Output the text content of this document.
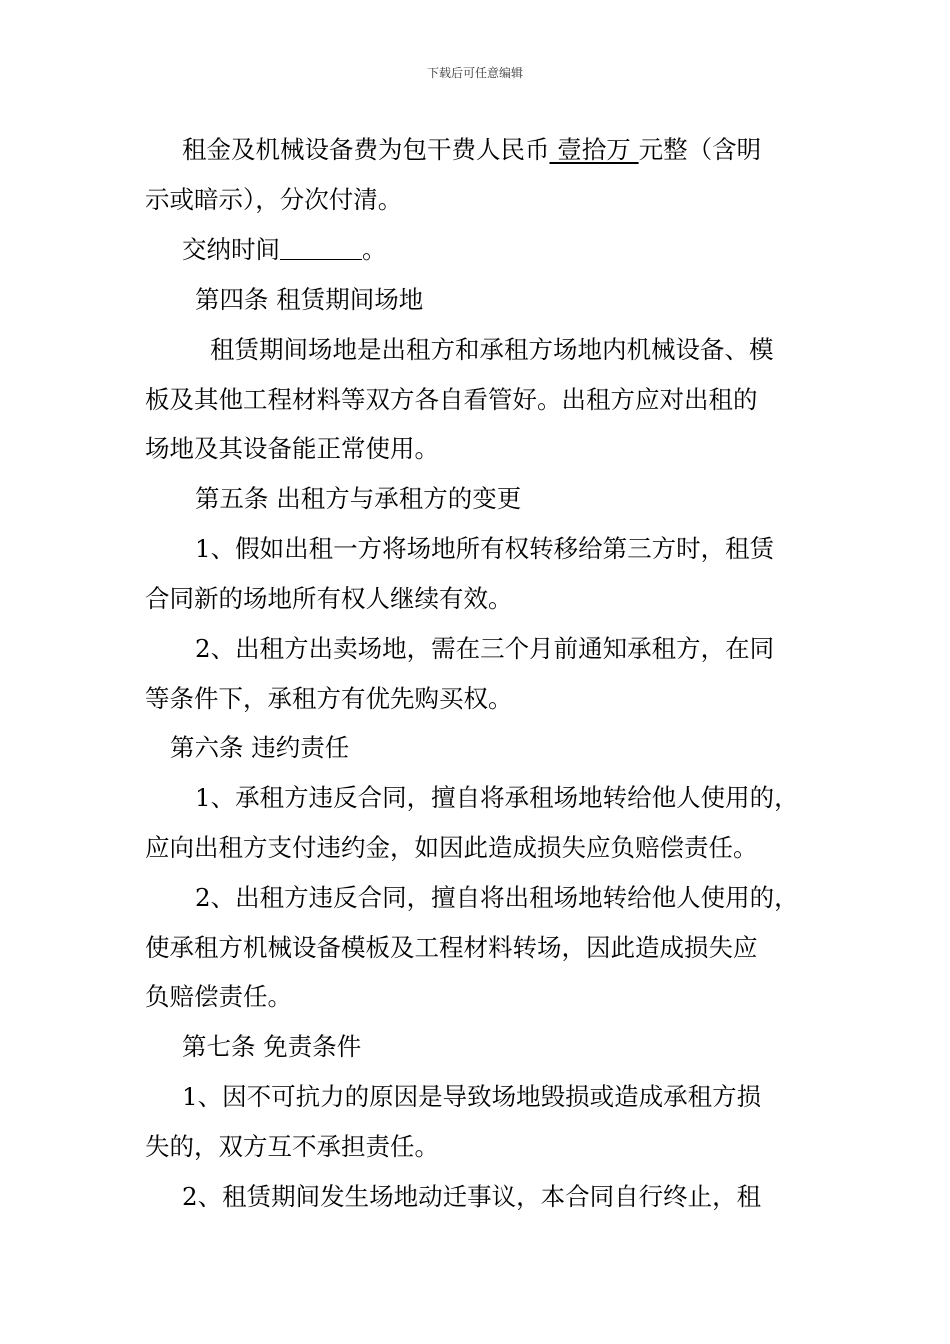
下载后可任意编辑
租金及机械设备费为包干费人民币 壹拾万 元整（含明
示或暗示），分次付清。
交纳时间	。
第四条 租赁期间场地
租赁期间场地是出租方和承租方场地内机械设备、模
板及其他工程材料等双方各自看管好。出租方应对出租的
场地及其设备能正常使用。
第五条 出租方与承租方的变更
1、假如出租一方将场地所有权转移给第三方时，租赁
合同新的场地所有权人继续有效。
2、出租方出卖场地，需在三个月前通知承租方，在同
等条件下，承租方有优先购买权。
第六条 违约责任
1、承租方违反合同，擅自将承租场地转给他人使用的，
应向出租方支付违约金，如因此造成损失应负赔偿责任。
2、出租方违反合同，擅自将出租场地转给他人使用的，
使承租方机械设备模板及工程材料转场，因此造成损失应
负赔偿责任。
第七条 免责条件
1、因不可抗力的原因是导致场地毁损或造成承租方损
失的，双方互不承担责任。
2、租赁期间发生场地动迁事议，本合同自行终止，租
